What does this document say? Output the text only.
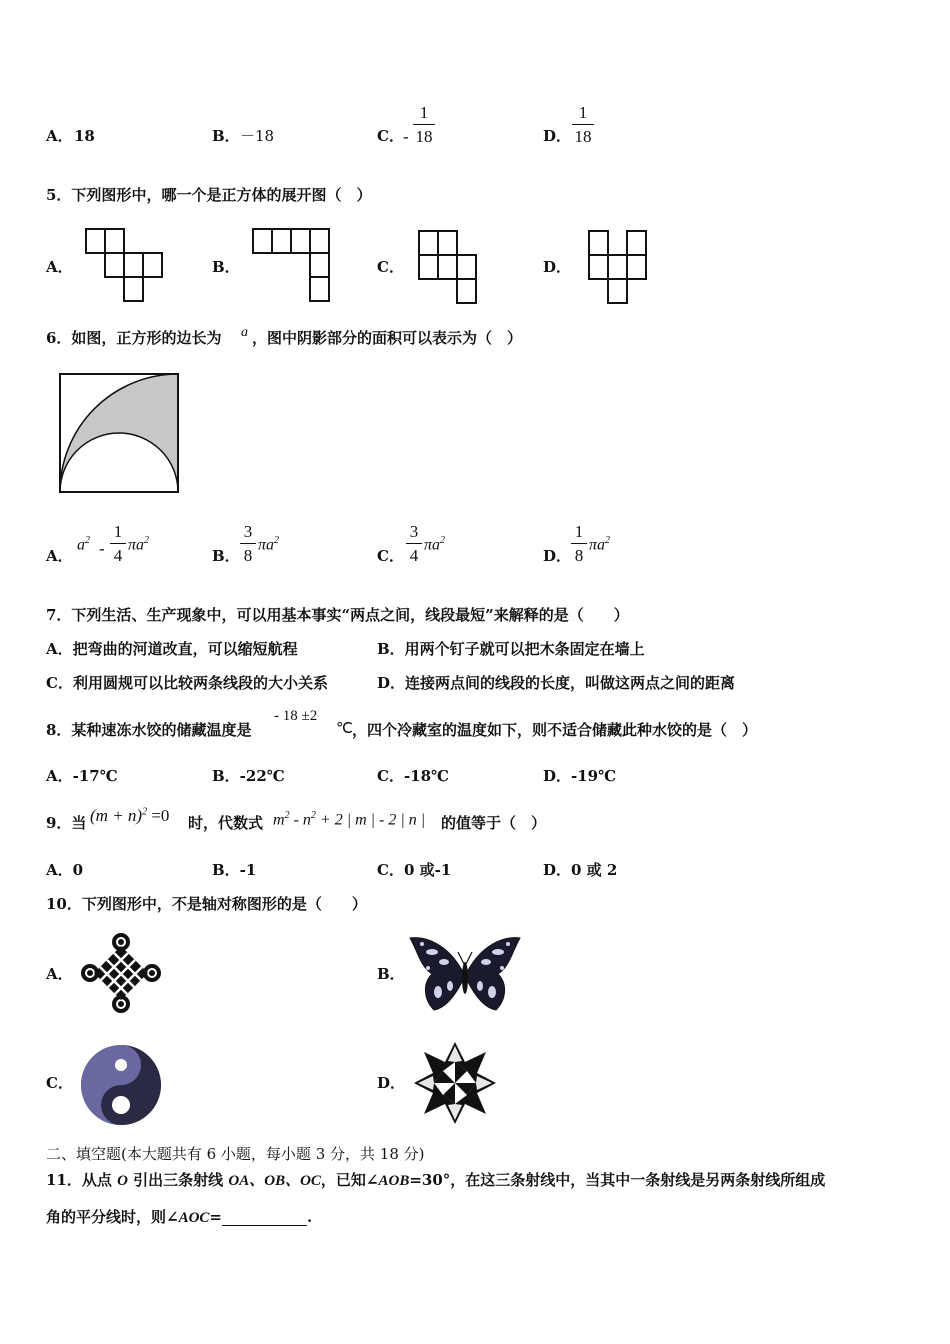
A． 18	B． －18	C． -
1
18	D．
1
18
5．下列图形中，哪一个是正方体的展开图（　）
A．	B．	C．	D．
6．如图，正方形的边长为 a ，图中阴影部分的面积可以表示为（　）
A．
$a^2$ -
1
4
$\pi a^2$
B．
3
8
$\pi a^2$
C．
3
4
$\pi a^2$
D．
1
8
$\pi a^2$
7．下列生活、生产现象中，可以用基本事实“两点之间，线段最短”来解释的是（　　）
A．把弯曲的河道改直，可以缩短航程	B．用两个钉子就可以把木条固定在墙上
C．利用圆规可以比较两条线段的大小关系	D．连接两点间的线段的长度，叫做这两点之间的距离
8．某种速冻水饺的储藏温度是
- 18 ±2
℃ ，四个冷藏室的温度如下，则不适合储藏此种水饺的是（　）
A．-17℃	B．-22℃	C．-18℃	D．-19℃
9．当 $(m + n)^2 =0$ 时，代数式 $m^2 - n^2 + 2$ | m | - 2 | n | 的值等于（　）
A．0	B．-1	C．0 或-1	D．0 或 2
10．下列图形中，不是轴对称图形的是（　　）
A．	B．
C．	D．
二、填空题(本大题共有 6 小题，每小题 3 分，共 18 分)
11．从点 O 引出三条射线 OA、OB、OC，已知∠AOB=30°，在这三条射线中，当其中一条射线是另两条射线所组成
角的平分线时，则∠AOC=	.
